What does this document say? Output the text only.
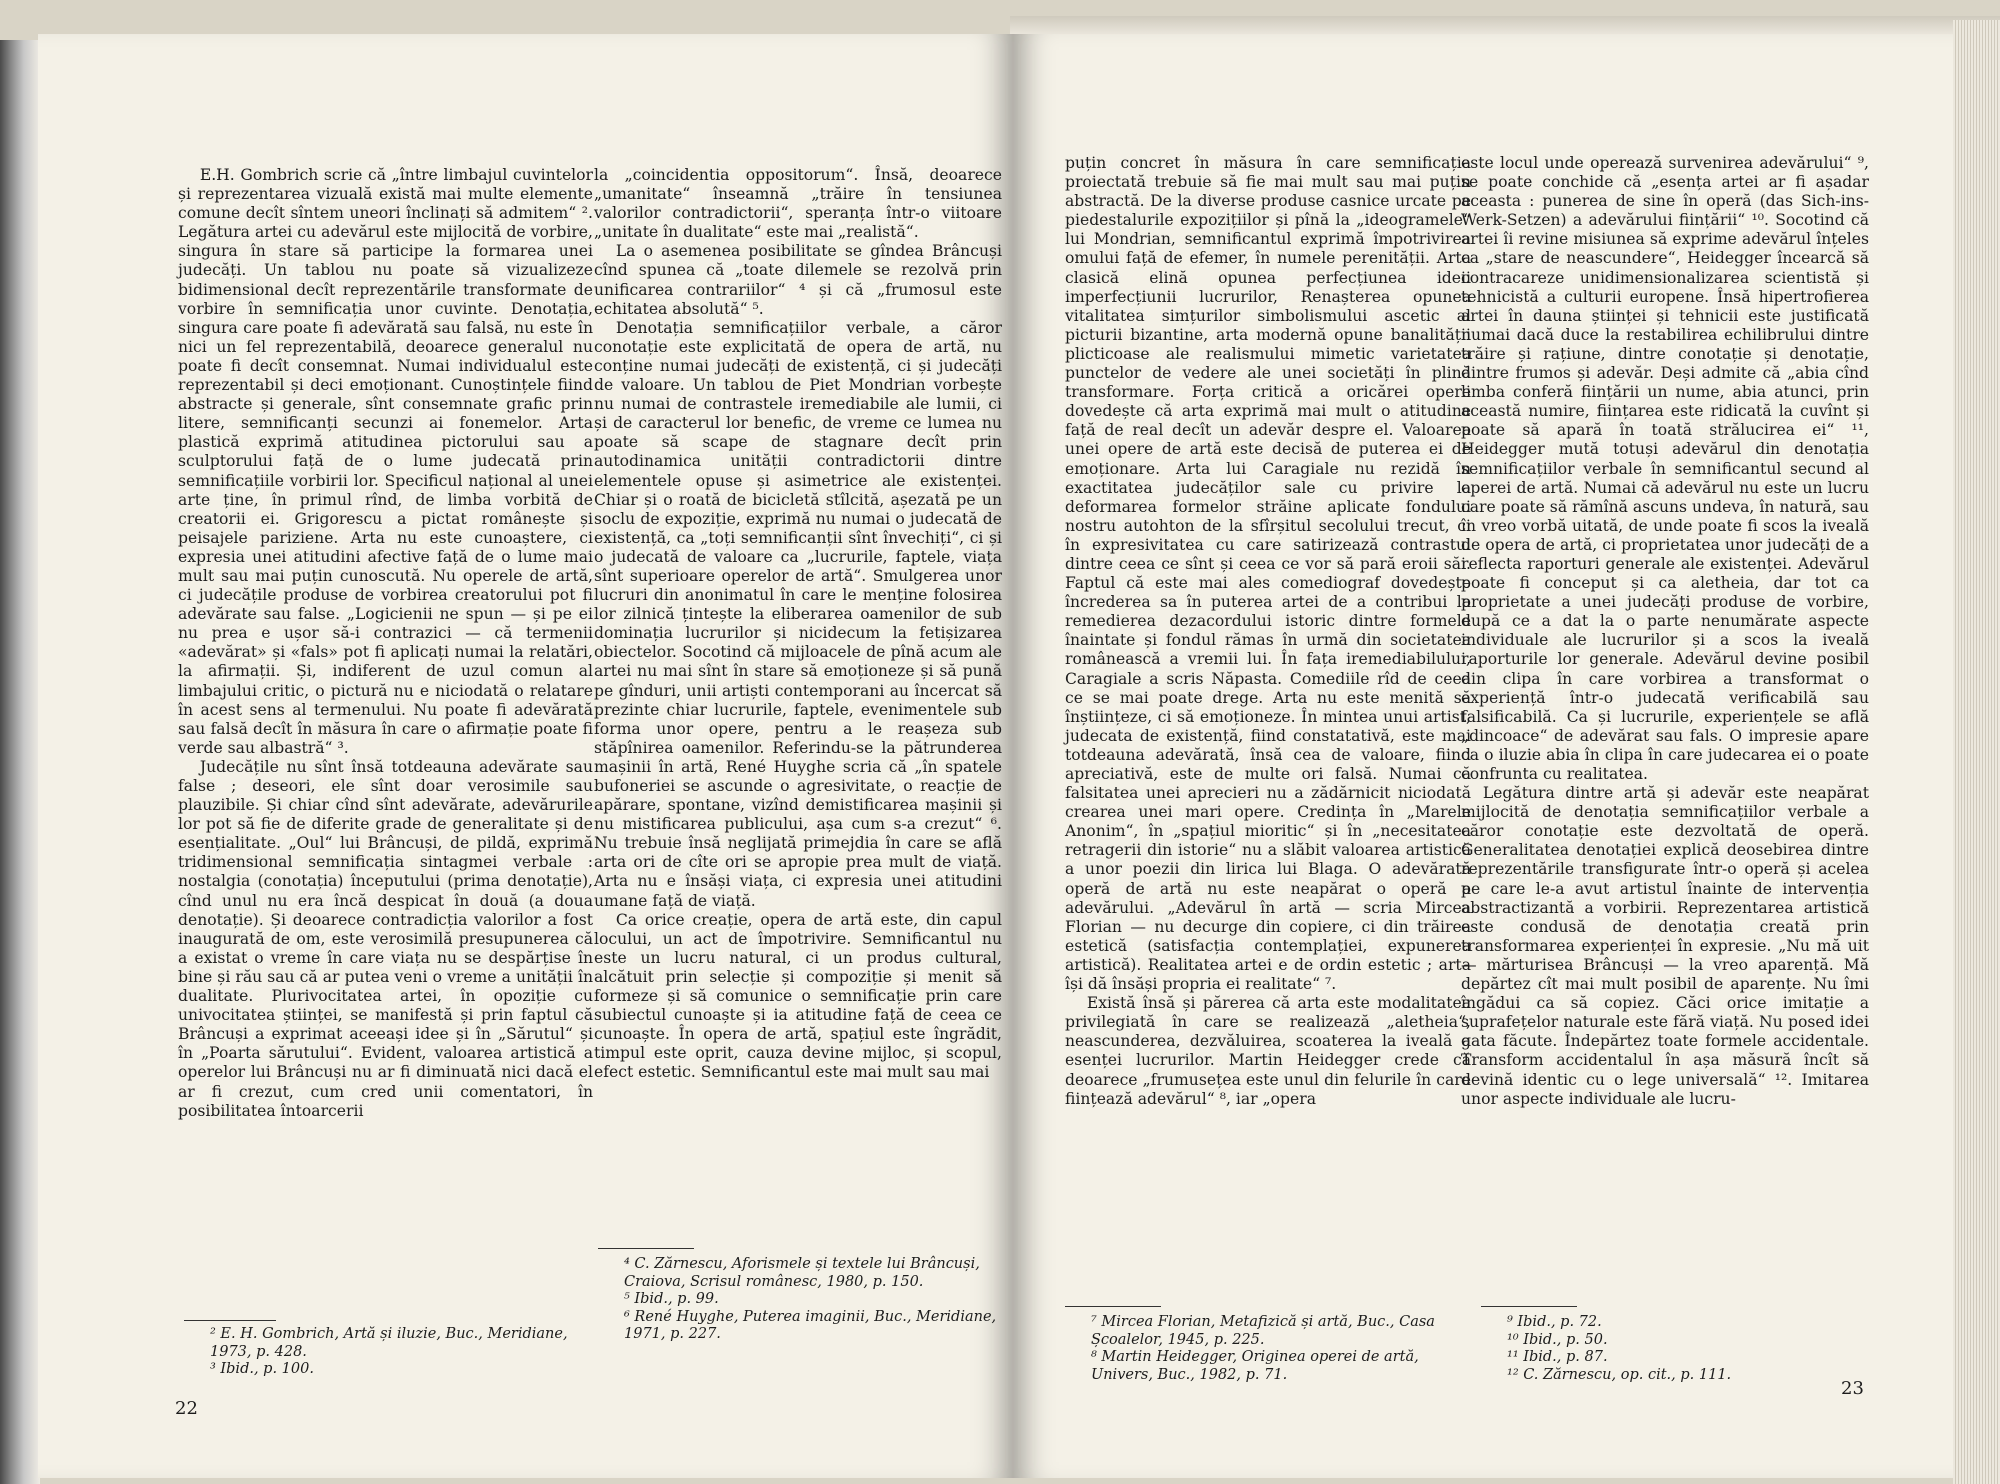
E.H. Gombrich scrie că „între limbajul cuvintelor și reprezentarea vizuală există mai multe elemente comune decît sîntem uneori înclinați să admitem“ ². Legătura artei cu adevărul este mijlocită de vorbire, singura în stare să participe la formarea unei judecăți. Un tablou nu poate să vizualizeze bidimensional decît reprezentările transformate de vorbire în semnificația unor cuvinte. Denotația, singura care poate fi adevărată sau falsă, nu este în nici un fel reprezentabilă, deoarece generalul nu poate fi decît consemnat. Numai individualul este reprezentabil și deci emoționant. Cunoștințele fiind abstracte și generale, sînt consemnate grafic prin litere, semnificanți secunzi ai fonemelor. Arta plastică exprimă atitudinea pictorului sau a sculptorului față de o lume judecată prin semnificațiile vorbirii lor. Specificul național al unei arte ține, în primul rînd, de limba vorbită de creatorii ei. Grigorescu a pictat românește și peisajele pariziene. Arta nu este cunoaștere, ci expresia unei atitudini afective față de o lume mai mult sau mai puțin cunoscută. Nu operele de artă, ci judecățile produse de vorbirea creatorului pot fi adevărate sau false. „Logicienii ne spun — și pe ei nu prea e ușor să-i contrazici — că termenii «adevărat» și «fals» pot fi aplicați numai la relatări, la afirmații. Și, indiferent de uzul comun al limbajului critic, o pictură nu e niciodată o relatare în acest sens al termenului. Nu poate fi adevărată sau falsă decît în măsura în care o afirmație poate fi verde sau albastră“ ³.

Judecățile nu sînt însă totdeauna adevărate sau false ; deseori, ele sînt doar verosimile sau plauzibile. Și chiar cînd sînt adevărate, adevărurile lor pot să fie de diferite grade de generalitate și de esențialitate. „Oul“ lui Brâncuși, de pildă, exprimă tridimensional semnificația sintagmei verbale : nostalgia (conotația) începutului (prima denotație), cînd unul nu era încă despicat în două (a doua denotație). Și deoarece contradicția valorilor a fost inaugurată de om, este verosimilă presupunerea că a existat o vreme în care viața nu se despărțise în bine și rău sau că ar putea veni o vreme a unității în dualitate. Plurivocitatea artei, în opoziție cu univocitatea științei, se manifestă și prin faptul că Brâncuși a exprimat aceeași idee și în „Sărutul“ și în „Poarta sărutului“. Evident, valoarea artistică a operelor lui Brâncuși nu ar fi diminuată nici dacă el ar fi crezut, cum cred unii comentatori, în posibilitatea întoarcerii

la „coincidentia oppositorum“. Însă, deoarece „umanitate“ înseamnă „trăire în tensiunea valorilor contradictorii“, speranța într-o viitoare „unitate în dualitate“ este mai „realistă“.

La o asemenea posibilitate se gîndea Brâncuși cînd spunea că „toate dilemele se rezolvă prin unificarea contrariilor“ ⁴ și că „frumosul este echitatea absolută“ ⁵.

Denotația semnificațiilor verbale, a căror conotație este explicitată de opera de artă, nu conține numai judecăți de existență, ci și judecăți de valoare. Un tablou de Piet Mondrian vorbește nu numai de contrastele iremediabile ale lumii, ci și de caracterul lor benefic, de vreme ce lumea nu poate să scape de stagnare decît prin autodinamica unității contradictorii dintre elementele opuse și asimetrice ale existenței. Chiar și o roată de bicicletă stîlcită, așezată pe un soclu de expoziție, exprimă nu numai o judecată de existență, ca „toți semnificanții sînt învechiți“, ci și o judecată de valoare ca „lucrurile, faptele, viața sînt superioare operelor de artă“. Smulgerea unor lucruri din anonimatul în care le menține folosirea lor zilnică țintește la eliberarea oamenilor de sub dominația lucrurilor și nicidecum la fetișizarea obiectelor. Socotind că mijloacele de pînă acum ale artei nu mai sînt în stare să emoționeze și să pună pe gînduri, unii artiști contemporani au încercat să prezinte chiar lucrurile, faptele, evenimentele sub forma unor opere, pentru a le reașeza sub stăpînirea oamenilor. Referindu-se la pătrunderea mașinii în artă, René Huyghe scria că „în spatele bufoneriei se ascunde o agresivitate, o reacție de apărare, spontane, vizînd demistificarea mașinii și nu mistificarea publicului, așa cum s-a crezut“ ⁶. Nu trebuie însă neglijată primejdia în care se află arta ori de cîte ori se apropie prea mult de viață. Arta nu e însăși viața, ci expresia unei atitudini umane față de viață.

Ca orice creație, opera de artă este, din capul locului, un act de împotrivire. Semnificantul nu este un lucru natural, ci un produs cultural, alcătuit prin selecție și compoziție și menit să formeze și să comunice o semnificație prin care subiectul cunoaște și ia atitudine față de ceea ce cunoaște. În opera de artă, spațiul este îngrădit, timpul este oprit, cauza devine mijloc, și scopul, efect estetic. Semnificantul este mai mult sau mai

² E. H. Gombrich, Artă și iluzie, Buc., Meridiane, 1973, p. 428.
³ Ibid., p. 100.
⁴ C. Zărnescu, Aforismele și textele lui Brâncuși, Craiova, Scrisul românesc, 1980, p. 150.
⁵ Ibid., p. 99.
⁶ René Huyghe, Puterea imaginii, Buc., Meridiane, 1971, p. 227.
22

puțin concret în măsura în care semnificația proiectată trebuie să fie mai mult sau mai puțin abstractă. De la diverse produse casnice urcate pe piedestalurile expozițiilor și pînă la „ideogramele“ lui Mondrian, semnificantul exprimă împotrivirea omului față de efemer, în numele perenității. Arta clasică elină opunea perfecțiunea ideii imperfecțiunii lucrurilor, Renașterea opunea vitalitatea simțurilor simbolismului ascetic al picturii bizantine, arta modernă opune banalității plicticoase ale realismului mimetic varietatea punctelor de vedere ale unei societăți în plină transformare. Forța critică a oricărei opere dovedește că arta exprimă mai mult o atitudine față de real decît un adevăr despre el. Valoarea unei opere de artă este decisă de puterea ei de emoționare. Arta lui Caragiale nu rezidă în exactitatea judecăților sale cu privire la deformarea formelor străine aplicate fondului nostru autohton de la sfîrșitul secolului trecut, ci în expresivitatea cu care satirizează contrastul dintre ceea ce sînt și ceea ce vor să pară eroii săi. Faptul că este mai ales comediograf dovedește încrederea sa în puterea artei de a contribui la remedierea dezacordului istoric dintre formele înaintate și fondul rămas în urmă din societatea românească a vremii lui. În fața iremediabilului, Caragiale a scris Năpasta. Comediile rîd de ceea ce se mai poate drege. Arta nu este menită să înștiințeze, ci să emoționeze. În mintea unui artist, judecata de existență, fiind constatativă, este mai totdeauna adevărată, însă cea de valoare, fiind apreciativă, este de multe ori falsă. Numai că falsitatea unei aprecieri nu a zădărnicit niciodată crearea unei mari opere. Credința în „Marele Anonim“, în „spațiul mioritic“ și în „necesitatea retragerii din istorie“ nu a slăbit valoarea artistică a unor poezii din lirica lui Blaga. O adevărată operă de artă nu este neapărat o operă a adevărului. „Adevărul în artă — scria Mircea Florian — nu decurge din copiere, ci din trăirea estetică (satisfacția contemplației, expunerea artistică). Realitatea artei e de ordin estetic ; arta își dă însăși propria ei realitate“ ⁷.

Există însă și părerea că arta este modalitatea privilegiată în care se realizează „aletheia“, neascunderea, dezvăluirea, scoaterea la iveală a esenței lucrurilor. Martin Heidegger crede că deoarece „frumusețea este unul din felurile în care ființează adevărul“ ⁸, iar „opera

este locul unde operează survenirea adevărului“ ⁹, se poate conchide că „esența artei ar fi așadar aceasta : punerea de sine în operă (das Sich-ins-Werk-Setzen) a adevărului ființării“ ¹⁰. Socotind că artei îi revine misiunea să exprime adevărul înțeles ca „stare de neascundere“, Heidegger încearcă să contracareze unidimensionalizarea scientistă și tehnicistă a culturii europene. Însă hipertrofierea artei în dauna științei și tehnicii este justificată numai dacă duce la restabilirea echilibrului dintre trăire și rațiune, dintre conotație și denotație, dintre frumos și adevăr. Deși admite că „abia cînd limba conferă ființării un nume, abia atunci, prin această numire, ființarea este ridicată la cuvînt și poate să apară în toată strălucirea ei“ ¹¹, Heidegger mută totuși adevărul din denotația semnificațiilor verbale în semnificantul secund al operei de artă. Numai că adevărul nu este un lucru care poate să rămînă ascuns undeva, în natură, sau în vreo vorbă uitată, de unde poate fi scos la iveală de opera de artă, ci proprietatea unor judecăți de a reflecta raporturi generale ale existenței. Adevărul poate fi conceput și ca aletheia, dar tot ca proprietate a unei judecăți produse de vorbire, după ce a dat la o parte nenumărate aspecte individuale ale lucrurilor și a scos la iveală raporturile lor generale. Adevărul devine posibil din clipa în care vorbirea a transformat o experiență într-o judecată verificabilă sau falsificabilă. Ca și lucrurile, experiențele se află „dincoace“ de adevărat sau fals. O impresie apare ca o iluzie abia în clipa în care judecarea ei o poate confrunta cu realitatea.

Legătura dintre artă și adevăr este neapărat mijlocită de denotația semnificațiilor verbale a căror conotație este dezvoltată de operă. Generalitatea denotației explică deosebirea dintre reprezentările transfigurate într-o operă și acelea pe care le-a avut artistul înainte de intervenția abstractizantă a vorbirii. Reprezentarea artistică este condusă de denotația creată prin transformarea experienței în expresie. „Nu mă uit — mărturisea Brâncuși — la vreo aparență. Mă depărtez cît mai mult posibil de aparențe. Nu îmi îngădui ca să copiez. Căci orice imitație a suprafețelor naturale este fără viață. Nu posed idei gata făcute. Îndepărtez toate formele accidentale. Transform accidentalul în așa măsură încît să devină identic cu o lege universală“ ¹². Imitarea unor aspecte individuale ale lucru-

⁷ Mircea Florian, Metafizică și artă, Buc., Casa Școalelor, 1945, p. 225.
⁸ Martin Heidegger, Originea operei de artă, Univers, Buc., 1982, p. 71.
⁹ Ibid., p. 72.
¹⁰ Ibid., p. 50.
¹¹ Ibid., p. 87.
¹² C. Zărnescu, op. cit., p. 111.
23
